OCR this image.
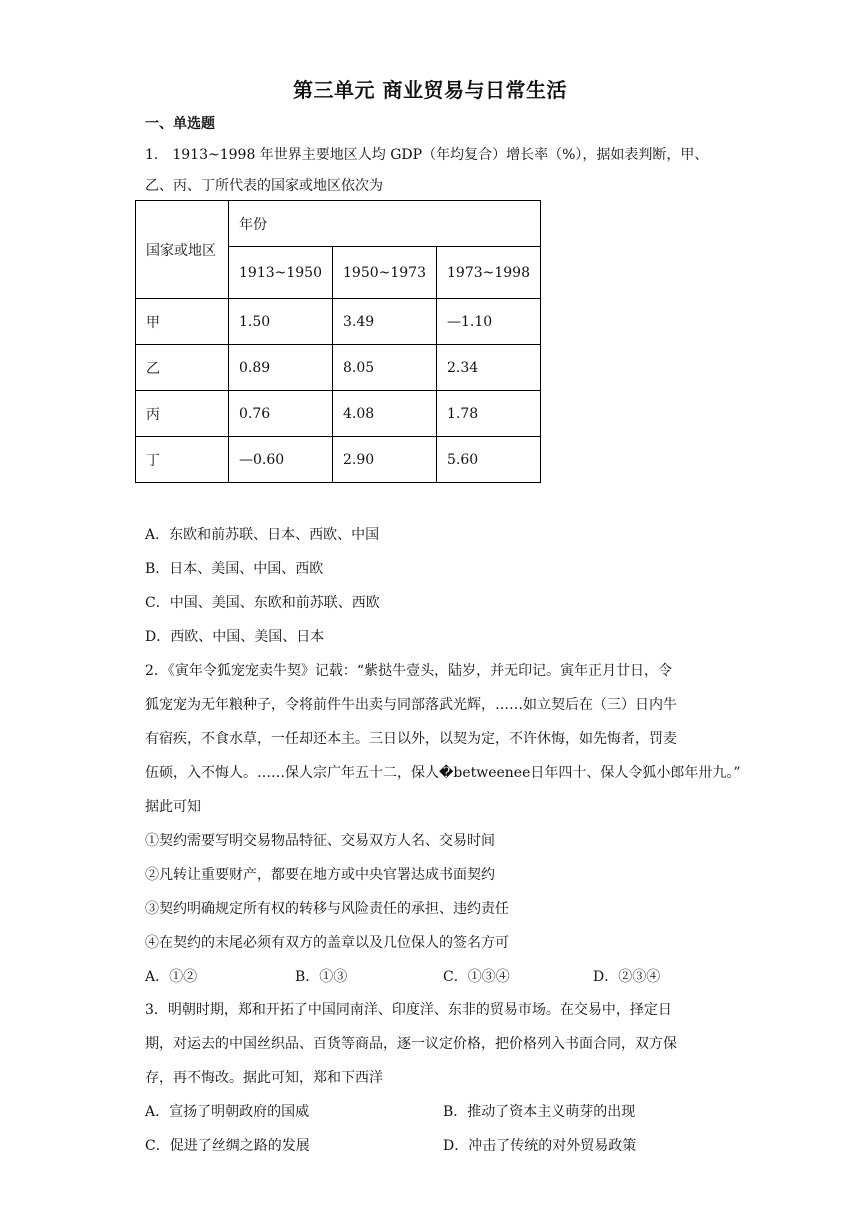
第三单元 商业贸易与日常生活
一、单选题
1． 1913~1998 年世界主要地区人均 GDP（年均复合）增长率（%），据如表判断，甲、
乙、丙、丁所代表的国家或地区依次为
国家或地区	年份		
	1913~1950	1950~1973	1973~1998
甲	1.50	3.49	—1.10
乙	0.89	8.05	2.34
丙	0.76	4.08	1.78
丁	—0.60	2.90	5.60
A．东欧和前苏联、日本、西欧、中国
B．日本、美国、中国、西欧
C．中国、美国、东欧和前苏联、西欧
D．西欧、中国、美国、日本
2．《寅年令狐宠宠卖牛契》记载：“紫挞牛壹头，陆岁，并无印记。寅年正月廿日，令
狐宠宠为无年粮种子，令将前件牛出卖与同部落武光辉，……如立契后在（三）日内牛
有宿疾，不食水草，一任却还本主。三日以外，以契为定，不许休悔，如先悔者，罚麦
伍硕，入不悔人。……保人宗广年五十二，保人�betweenee日年四十、保人令狐小郎年卅九。”
据此可知
①契约需要写明交易物品特征、交易双方人名、交易时间
②凡转让重要财产，都要在地方或中央官署达成书面契约
③契约明确规定所有权的转移与风险责任的承担、违约责任
④在契约的末尾必须有双方的盖章以及几位保人的签名方可
A．①②	B．①③	C．①③④	D．②③④
3．明朝时期，郑和开拓了中国同南洋、印度洋、东非的贸易市场。在交易中，择定日
期，对运去的中国丝织品、百货等商品，逐一议定价格，把价格列入书面合同，双方保
存，再不悔改。据此可知，郑和下西洋
A．宣扬了明朝政府的国威	B．推动了资本主义萌芽的出现
C．促进了丝绸之路的发展	D．冲击了传统的对外贸易政策
